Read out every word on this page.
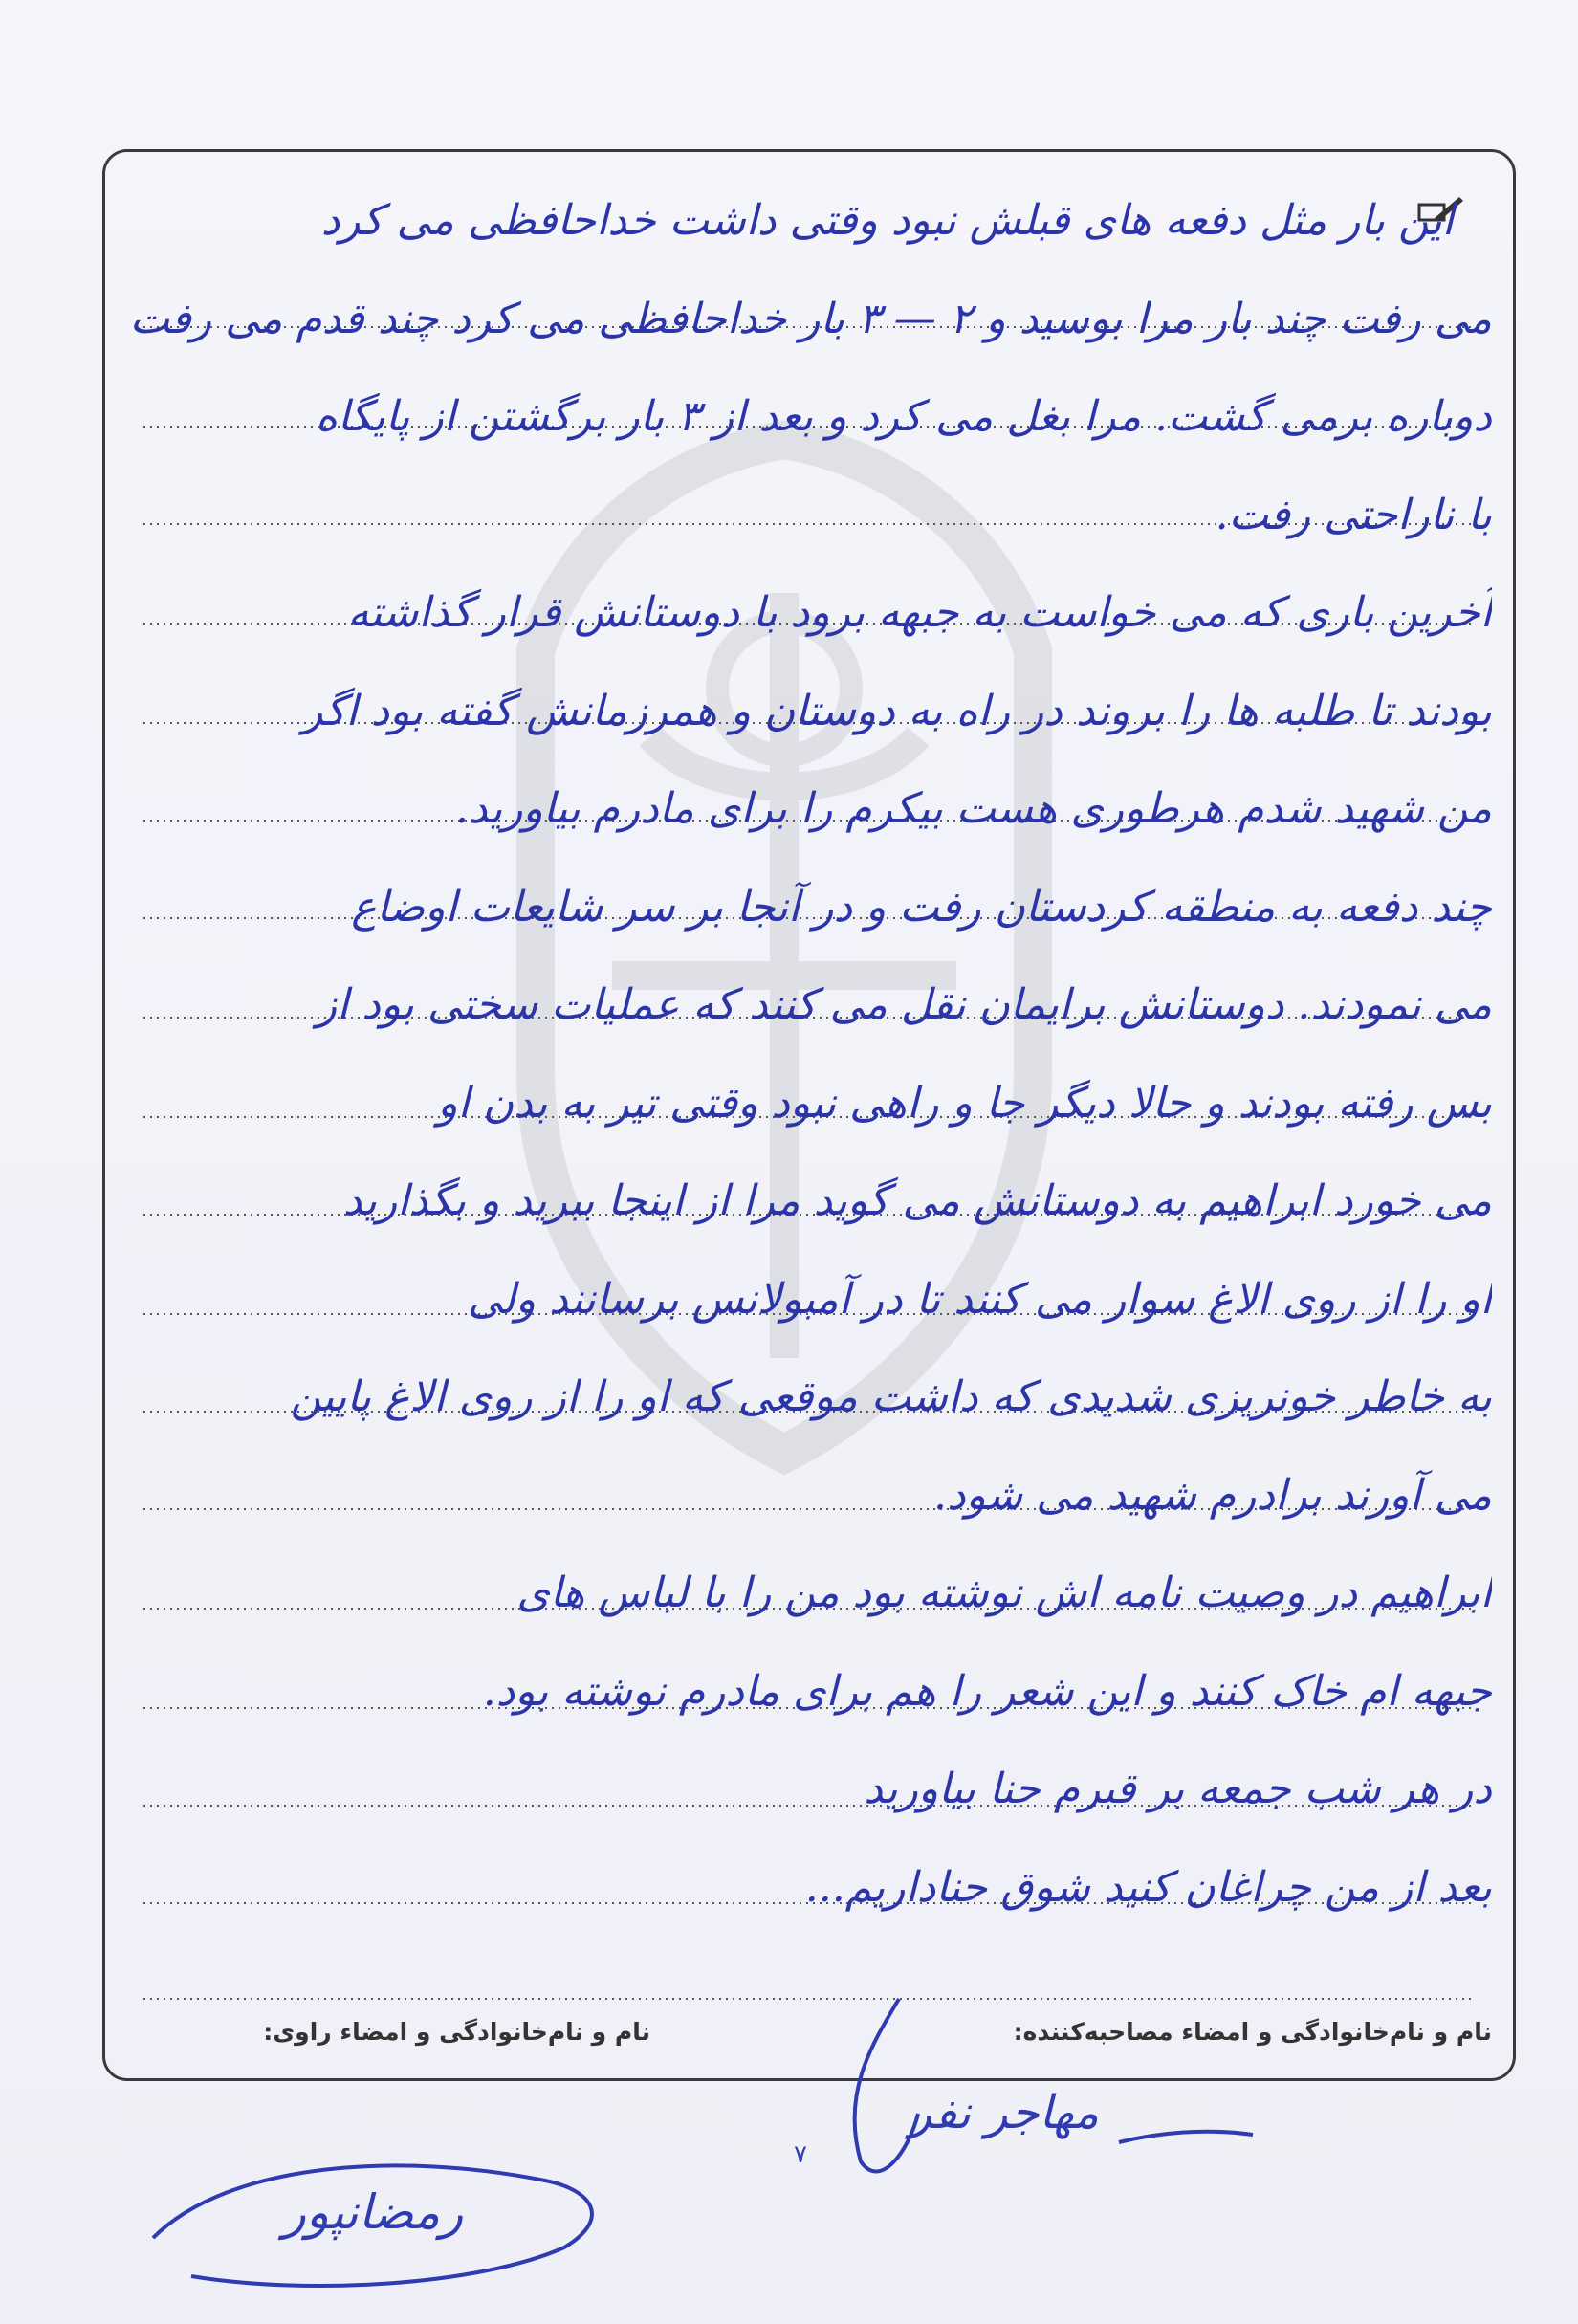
این بار مثل دفعه های قبلش نبود وقتی داشت خداحافظی می کرد

می رفت چند بار مرا بوسید و ۲ — ۳ بار خداحافظی می کرد چند قدم می رفت

دوباره برمی گشت. مرا بغل می کرد و بعد از ۳ بار برگشتن از پایگاه

با ناراحتی رفت.

آخرین باری که می خواست به جبهه برود با دوستانش قرار گذاشته

بودند تا طلبه ها را بروند در راه به دوستان و همرزمانش گفته بود اگر

من شهید شدم هرطوری هست بیکرم را برای مادرم بیاورید.

چند دفعه به منطقه کردستان رفت و در آنجا بر سر شایعات اوضاع

می نمودند. دوستانش برایمان نقل می کنند که عملیات سختی بود از

بس رفته بودند و حالا دیگر جا و راهی نبود وقتی تیر به بدن او

می خورد ابراهیم به دوستانش می گوید مرا از اینجا ببرید و بگذارید

او را از روی الاغ سوار می کنند تا در آمبولانس برسانند ولی

به خاطر خونریزی شدیدی که داشت موقعی که او را از روی الاغ پایین

می آورند برادرم شهید می شود.

ابراهیم در وصیت نامه اش نوشته بود من را با لباس های

جبهه ام خاک کنند و این شعر را هم برای مادرم نوشته بود.

در هر شب جمعه بر قبرم حنا بیاورید

بعد از من چراغان کنید شوق حناداریم...

نام و نام‌خانوادگی و امضاء مصاحبه‌کننده:
نام و نام‌خانوادگی و امضاء راوی:
رمضانپور
مهاجر نفر
۷
